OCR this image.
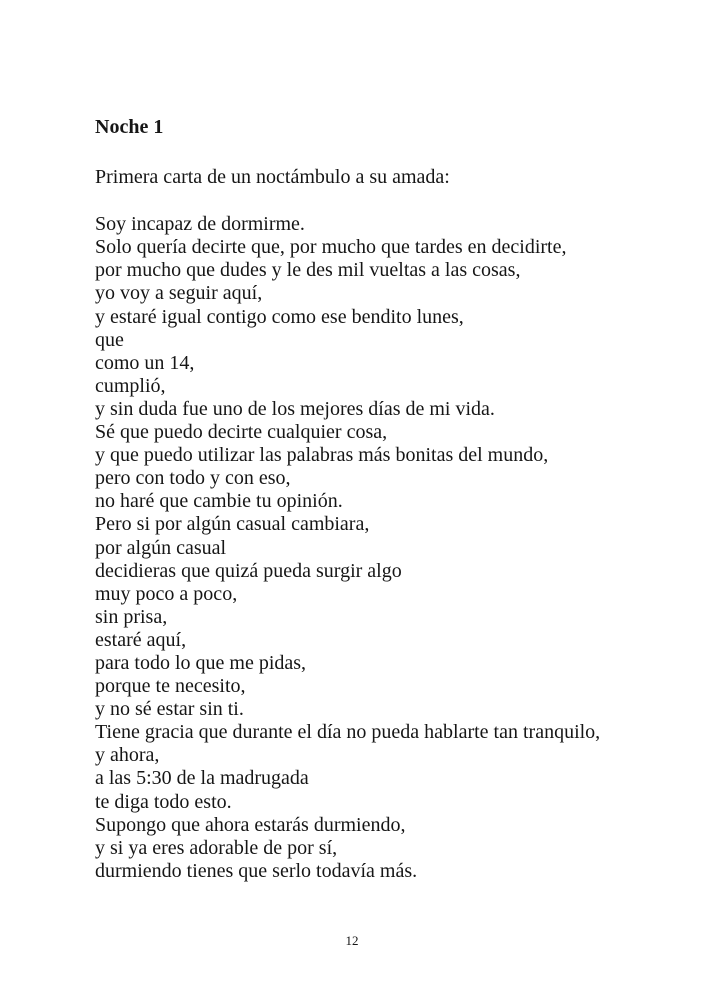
Noche 1

Primera carta de un noctámbulo a su amada:

Soy incapaz de dormirme.
Solo quería decirte que, por mucho que tardes en decidirte,
por mucho que dudes y le des mil vueltas a las cosas,
yo voy a seguir aquí,
y estaré igual contigo como ese bendito lunes,
que
como un 14,
cumplió,
y sin duda fue uno de los mejores días de mi vida.
Sé que puedo decirte cualquier cosa,
y que puedo utilizar las palabras más bonitas del mundo,
pero con todo y con eso,
no haré que cambie tu opinión.
Pero si por algún casual cambiara,
por algún casual
decidieras que quizá pueda surgir algo
muy poco a poco,
sin prisa,
estaré aquí,
para todo lo que me pidas,
porque te necesito,
y no sé estar sin ti.
Tiene gracia que durante el día no pueda hablarte tan tranquilo,
y ahora,
a las 5:30 de la madrugada
te diga todo esto.
Supongo que ahora estarás durmiendo,
y si ya eres adorable de por sí,
durmiendo tienes que serlo todavía más.
12
